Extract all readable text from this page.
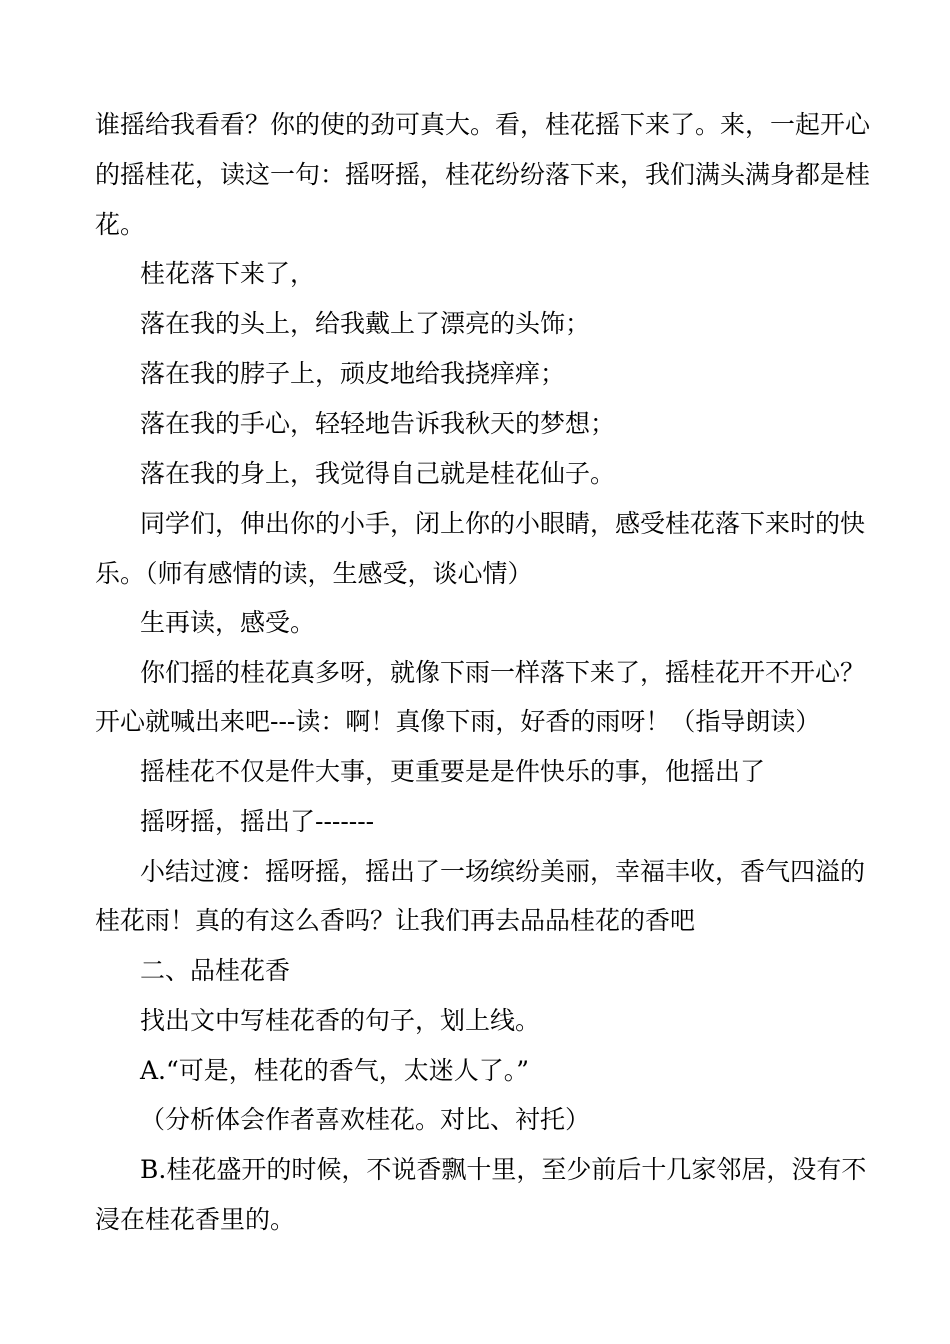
谁摇给我看看？你的使的劲可真大。看，桂花摇下来了。来，一起开心
的摇桂花，读这一句：摇呀摇，桂花纷纷落下来，我们满头满身都是桂
花。
桂花落下来了，
落在我的头上，给我戴上了漂亮的头饰；
落在我的脖子上，顽皮地给我挠痒痒；
落在我的手心，轻轻地告诉我秋天的梦想；
落在我的身上，我觉得自己就是桂花仙子。
同学们，伸出你的小手，闭上你的小眼睛，感受桂花落下来时的快
乐。（师有感情的读，生感受，谈心情）
生再读，感受。
你们摇的桂花真多呀，就像下雨一样落下来了，摇桂花开不开心？
开心就喊出来吧---读：啊！真像下雨，好香的雨呀！（指导朗读）
摇桂花不仅是件大事，更重要是是件快乐的事，他摇出了
摇呀摇，摇出了-------
小结过渡：摇呀摇，摇出了一场缤纷美丽，幸福丰收，香气四溢的
桂花雨！真的有这么香吗？让我们再去品品桂花的香吧
二、品桂花香
找出文中写桂花香的句子，划上线。
A.“可是，桂花的香气，太迷人了。”
（分析体会作者喜欢桂花。对比、衬托）
B.桂花盛开的时候，不说香飘十里，至少前后十几家邻居，没有不
浸在桂花香里的。
